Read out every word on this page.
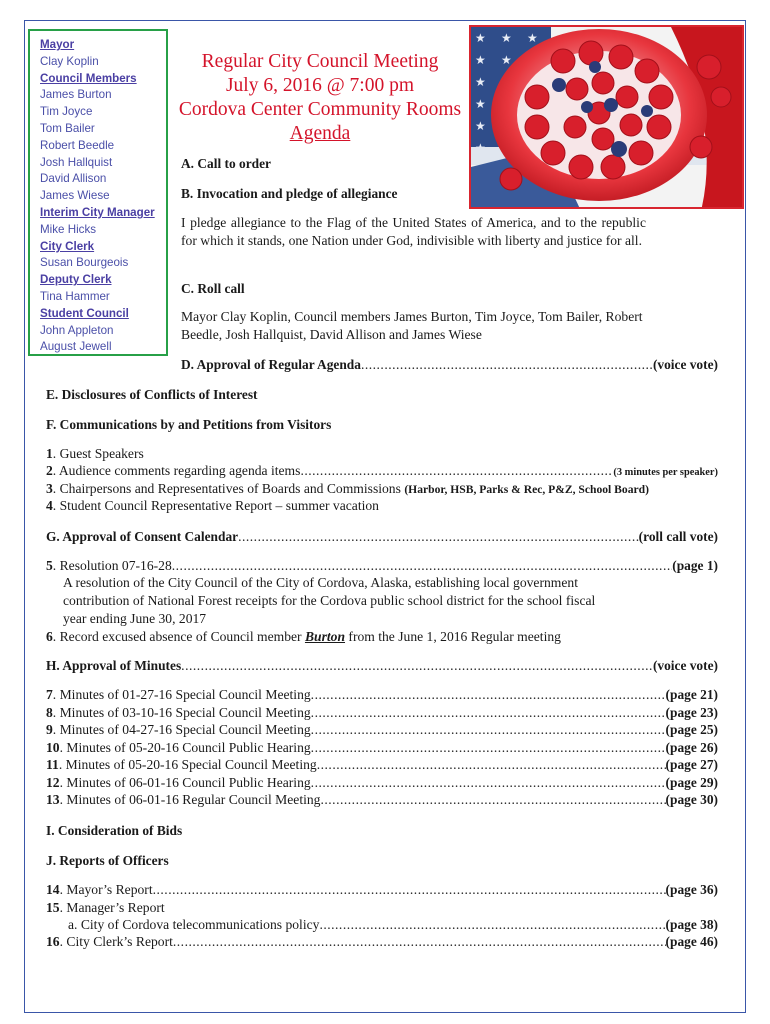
Mayor
Clay Koplin
Council Members
James Burton
Tim Joyce
Tom Bailer
Robert Beedle
Josh Hallquist
David Allison
James Wiese
Interim City Manager
Mike Hicks
City Clerk
Susan Bourgeois
Deputy Clerk
Tina Hammer
Student Council
John Appleton
August Jewell
Regular City Council Meeting
July 6, 2016 @ 7:00 pm
Cordova Center Community Rooms
Agenda
A. Call to order
B. Invocation and pledge of allegiance
I pledge allegiance to the Flag of the United States of America, and to the republic for which it stands, one Nation under God, indivisible with liberty and justice for all.
C. Roll call
Mayor Clay Koplin, Council members James Burton, Tim Joyce, Tom Bailer, Robert Beedle, Josh Hallquist, David Allison and James Wiese
D. Approval of Regular Agenda .....	(voice vote)
E. Disclosures of Conflicts of Interest
F. Communications by and Petitions from Visitors
1. Guest Speakers
2. Audience comments regarding agenda items .....	(3 minutes per speaker)
3. Chairpersons and Representatives of Boards and Commissions (Harbor, HSB, Parks & Rec, P&Z, School Board)
4. Student Council Representative Report – summer vacation
G. Approval of Consent Calendar .....	(roll call vote)
5. Resolution 07-16-28 .....	(page 1)
A resolution of the City Council of the City of Cordova, Alaska, establishing local government
contribution of National Forest receipts for the Cordova public school district for the school fiscal
year ending June 30, 2017
6. Record excused absence of Council member Burton from the June 1, 2016 Regular meeting
H. Approval of Minutes .....	(voice vote)
7. Minutes of 01-27-16 Special Council Meeting .....	(page 21)
8. Minutes of 03-10-16 Special Council Meeting .....	(page 23)
9. Minutes of 04-27-16 Special Council Meeting .....	(page 25)
10. Minutes of 05-20-16 Council Public Hearing .....	(page 26)
11. Minutes of 05-20-16 Special Council Meeting .....	(page 27)
12. Minutes of 06-01-16 Council Public Hearing .....	(page 29)
13. Minutes of 06-01-16 Regular Council Meeting .....	(page 30)
I. Consideration of Bids
J. Reports of Officers
14. Mayor’s Report .....	(page 36)
15. Manager’s Report
a. City of Cordova telecommunications policy .....	(page 38)
16. City Clerk’s Report .....	(page 46)
